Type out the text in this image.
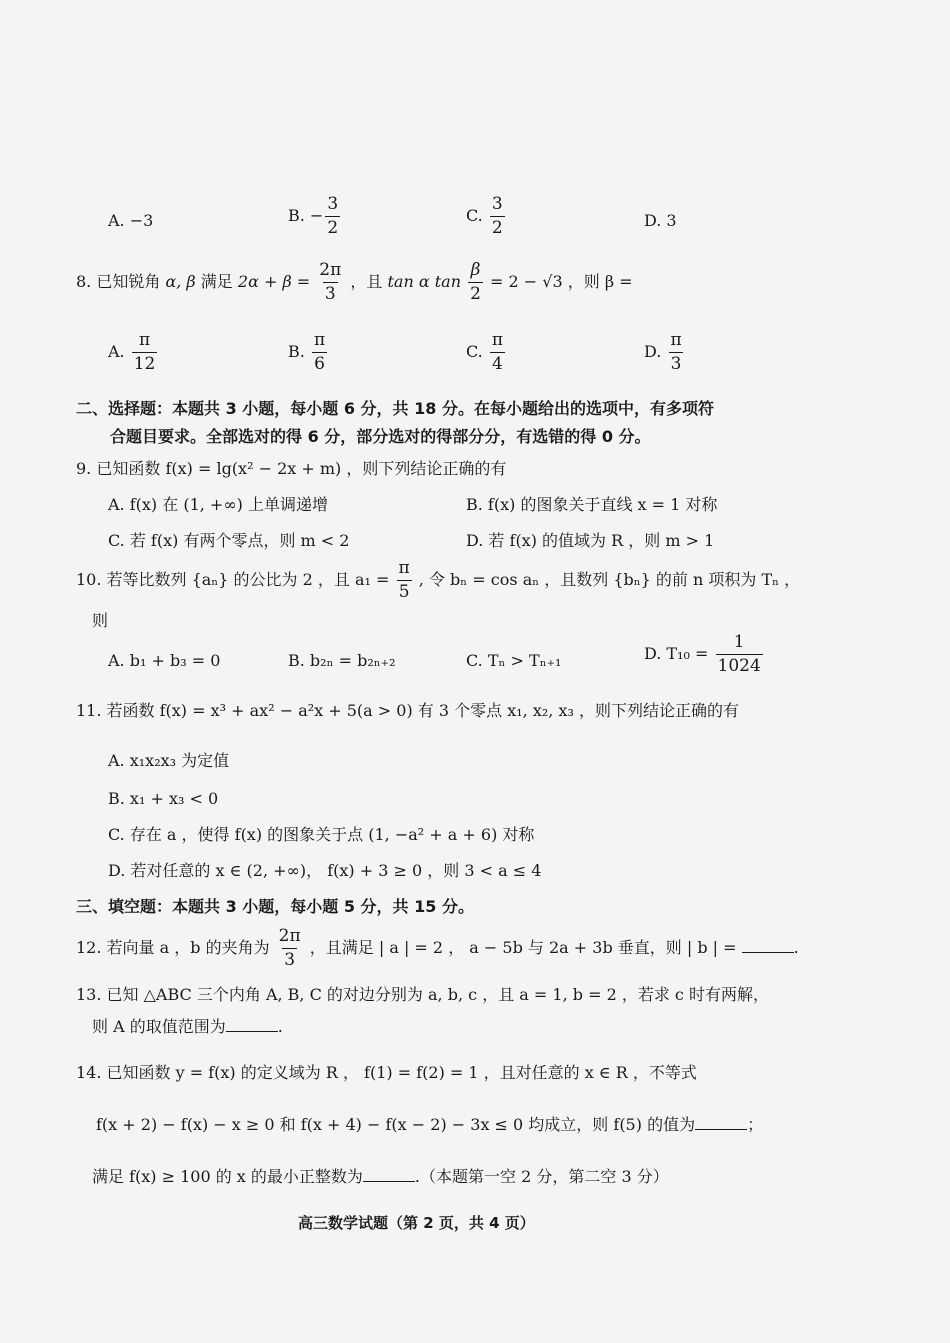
A. −3	B. − $\frac{3}{2}$	C. $\frac{3}{2}$	D. 3
8. 已知锐角 α, β 满足 $2\alpha + \beta = \frac{2\pi}{3}$ ，且 tan α $\tan \frac{\beta}{2} = 2 - √3$ ，则 β =
A. $\frac{\pi}{12}$	B. $\frac{\pi}{6}$	C. $\frac{\pi}{4}$	D. $\frac{\pi}{3}$
二、选择题：本题共 3 小题，每小题 6 分，共 18 分。在每小题给出的选项中，有多项符
合题目要求。全部选对的得 6 分，部分选对的得部分分，有选错的得 0 分。
9. 已知函数 f(x) = lg(x² − 2x + m) ，则下列结论正确的有
A. f(x) 在 (1, +∞) 上单调递增	B. f(x) 的图象关于直线 x = 1 对称
C. 若 f(x) 有两个零点，则 m < 2	D. 若 f(x) 的值域为 R ，则 m > 1
10. 若等比数列 {aₙ} 的公比为 2 ，且 $a_1 = \frac{\pi}{5}$ , 令 bₙ = cos aₙ ，且数列 {bₙ} 的前 n 项积为 Tₙ ，
则
A. b₁ + b₃ = 0	B. b₂ₙ = b₂ₙ₊₂	C. Tₙ > Tₙ₊₁	D. $T_{10} = \frac{1}{1024}$
11. 若函数 f(x) = x³ + ax² − a²x + 5(a > 0) 有 3 个零点 x₁, x₂, x₃ ，则下列结论正确的有
A. x₁x₂x₃ 为定值
B. x₁ + x₃ < 0
C. 存在 a ，使得 f(x) 的图象关于点 (1, −a² + a + 6) 对称
D. 若对任意的 x ∈ (2, +∞)， f(x) + 3 ≥ 0 ，则 3 < a ≤ 4
三、填空题：本题共 3 小题，每小题 5 分，共 15 分。
12. 若向量 a ，b 的夹角为 $\frac{2\pi}{3}$ ，且满足 | a | = 2 ， a − 5b 与 2a + 3b 垂直，则 | b | =	.
13. 已知 △ABC 三个内角 A, B, C 的对边分别为 a, b, c ，且 a = 1, b = 2 ，若求 c 时有两解，
则 A 的取值范围为	.
14. 已知函数 y = f(x) 的定义域为 R ， f(1) = f(2) = 1 ，且对任意的 x ∈ R ，不等式
f(x + 2) − f(x) − x ≥ 0 和 f(x + 4) − f(x − 2) − 3x ≤ 0 均成立，则 f(5) 的值为	；
满足 f(x) ≥ 100 的 x 的最小正整数为	.（本题第一空 2 分，第二空 3 分）
高三数学试题（第 2 页，共 4 页）
